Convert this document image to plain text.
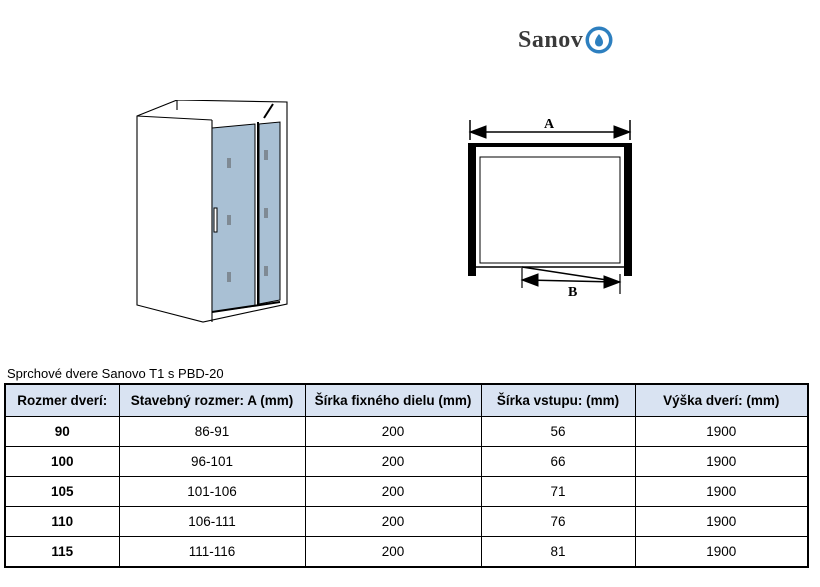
Sanov
A
B
Sprchové dvere Sanovo T1 s PBD-20
Rozmer dverí:	Stavebný rozmer: A (mm)	Šírka fixného dielu (mm)	Šírka vstupu: (mm)	Výška dverí: (mm)
90	86-91	200	56	1900
100	96-101	200	66	1900
105	101-106	200	71	1900
110	106-111	200	76	1900
115	111-116	200	81	1900
